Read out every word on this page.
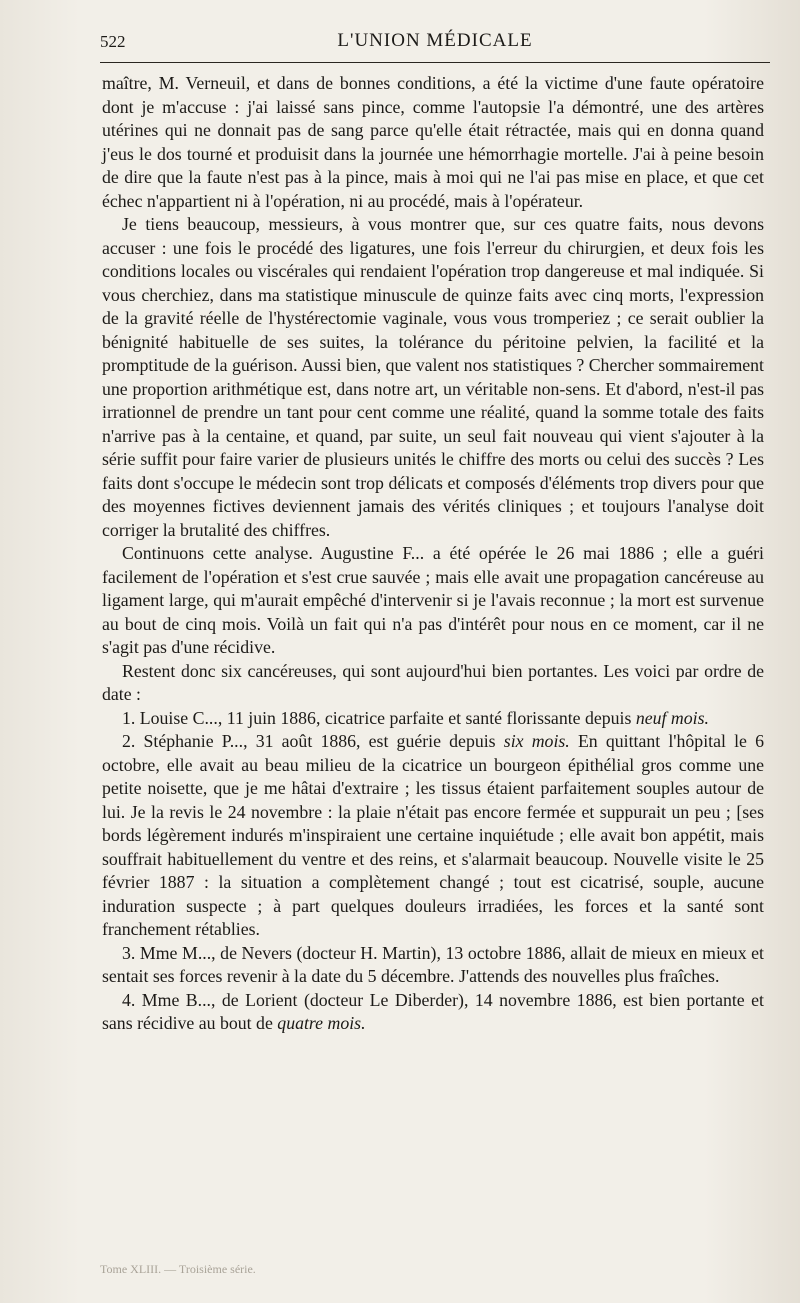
522	L'UNION MÉDICALE

maître, M. Verneuil, et dans de bonnes conditions, a été la victime d'une faute opératoire dont je m'accuse : j'ai laissé sans pince, comme l'autopsie l'a démontré, une des artères utérines qui ne donnait pas de sang parce qu'elle était rétractée, mais qui en donna quand j'eus le dos tourné et produisit dans la journée une hémorrhagie mortelle. J'ai à peine besoin de dire que la faute n'est pas à la pince, mais à moi qui ne l'ai pas mise en place, et que cet échec n'appartient ni à l'opération, ni au procédé, mais à l'opérateur.

Je tiens beaucoup, messieurs, à vous montrer que, sur ces quatre faits, nous devons accuser : une fois le procédé des ligatures, une fois l'erreur du chirurgien, et deux fois les conditions locales ou viscérales qui rendaient l'opération trop dangereuse et mal indiquée. Si vous cherchiez, dans ma statistique minuscule de quinze faits avec cinq morts, l'expression de la gravité réelle de l'hystérectomie vaginale, vous vous tromperiez ; ce serait oublier la bénignité habituelle de ses suites, la tolérance du péritoine pelvien, la facilité et la promptitude de la guérison. Aussi bien, que valent nos statistiques ? Chercher sommairement une proportion arithmétique est, dans notre art, un véritable non-sens. Et d'abord, n'est-il pas irrationnel de prendre un tant pour cent comme une réalité, quand la somme totale des faits n'arrive pas à la centaine, et quand, par suite, un seul fait nouveau qui vient s'ajouter à la série suffit pour faire varier de plusieurs unités le chiffre des morts ou celui des succès ? Les faits dont s'occupe le médecin sont trop délicats et composés d'éléments trop divers pour que des moyennes fictives deviennent jamais des vérités cliniques ; et toujours l'analyse doit corriger la brutalité des chiffres.

Continuons cette analyse. Augustine F... a été opérée le 26 mai 1886 ; elle a guéri facilement de l'opération et s'est crue sauvée ; mais elle avait une propagation cancéreuse au ligament large, qui m'aurait empêché d'intervenir si je l'avais reconnue ; la mort est survenue au bout de cinq mois. Voilà un fait qui n'a pas d'intérêt pour nous en ce moment, car il ne s'agit pas d'une récidive.

Restent donc six cancéreuses, qui sont aujourd'hui bien portantes. Les voici par ordre de date :

1. Louise C..., 11 juin 1886, cicatrice parfaite et santé florissante depuis neuf mois.

2. Stéphanie P..., 31 août 1886, est guérie depuis six mois. En quittant l'hôpital le 6 octobre, elle avait au beau milieu de la cicatrice un bourgeon épithélial gros comme une petite noisette, que je me hâtai d'extraire ; les tissus étaient parfaitement souples autour de lui. Je la revis le 24 novembre : la plaie n'était pas encore fermée et suppurait un peu ; [ses bords légèrement indurés m'inspiraient une certaine inquiétude ; elle avait bon appétit, mais souffrait habituellement du ventre et des reins, et s'alarmait beaucoup. Nouvelle visite le 25 février 1887 : la situation a complètement changé ; tout est cicatrisé, souple, aucune induration suspecte ; à part quelques douleurs irradiées, les forces et la santé sont franchement rétablies.

3. Mme M..., de Nevers (docteur H. Martin), 13 octobre 1886, allait de mieux en mieux et sentait ses forces revenir à la date du 5 décembre. J'attends des nouvelles plus fraîches.

4. Mme B..., de Lorient (docteur Le Diberder), 14 novembre 1886, est bien portante et sans récidive au bout de quatre mois.

Tome XLIII. — Troisième série.
